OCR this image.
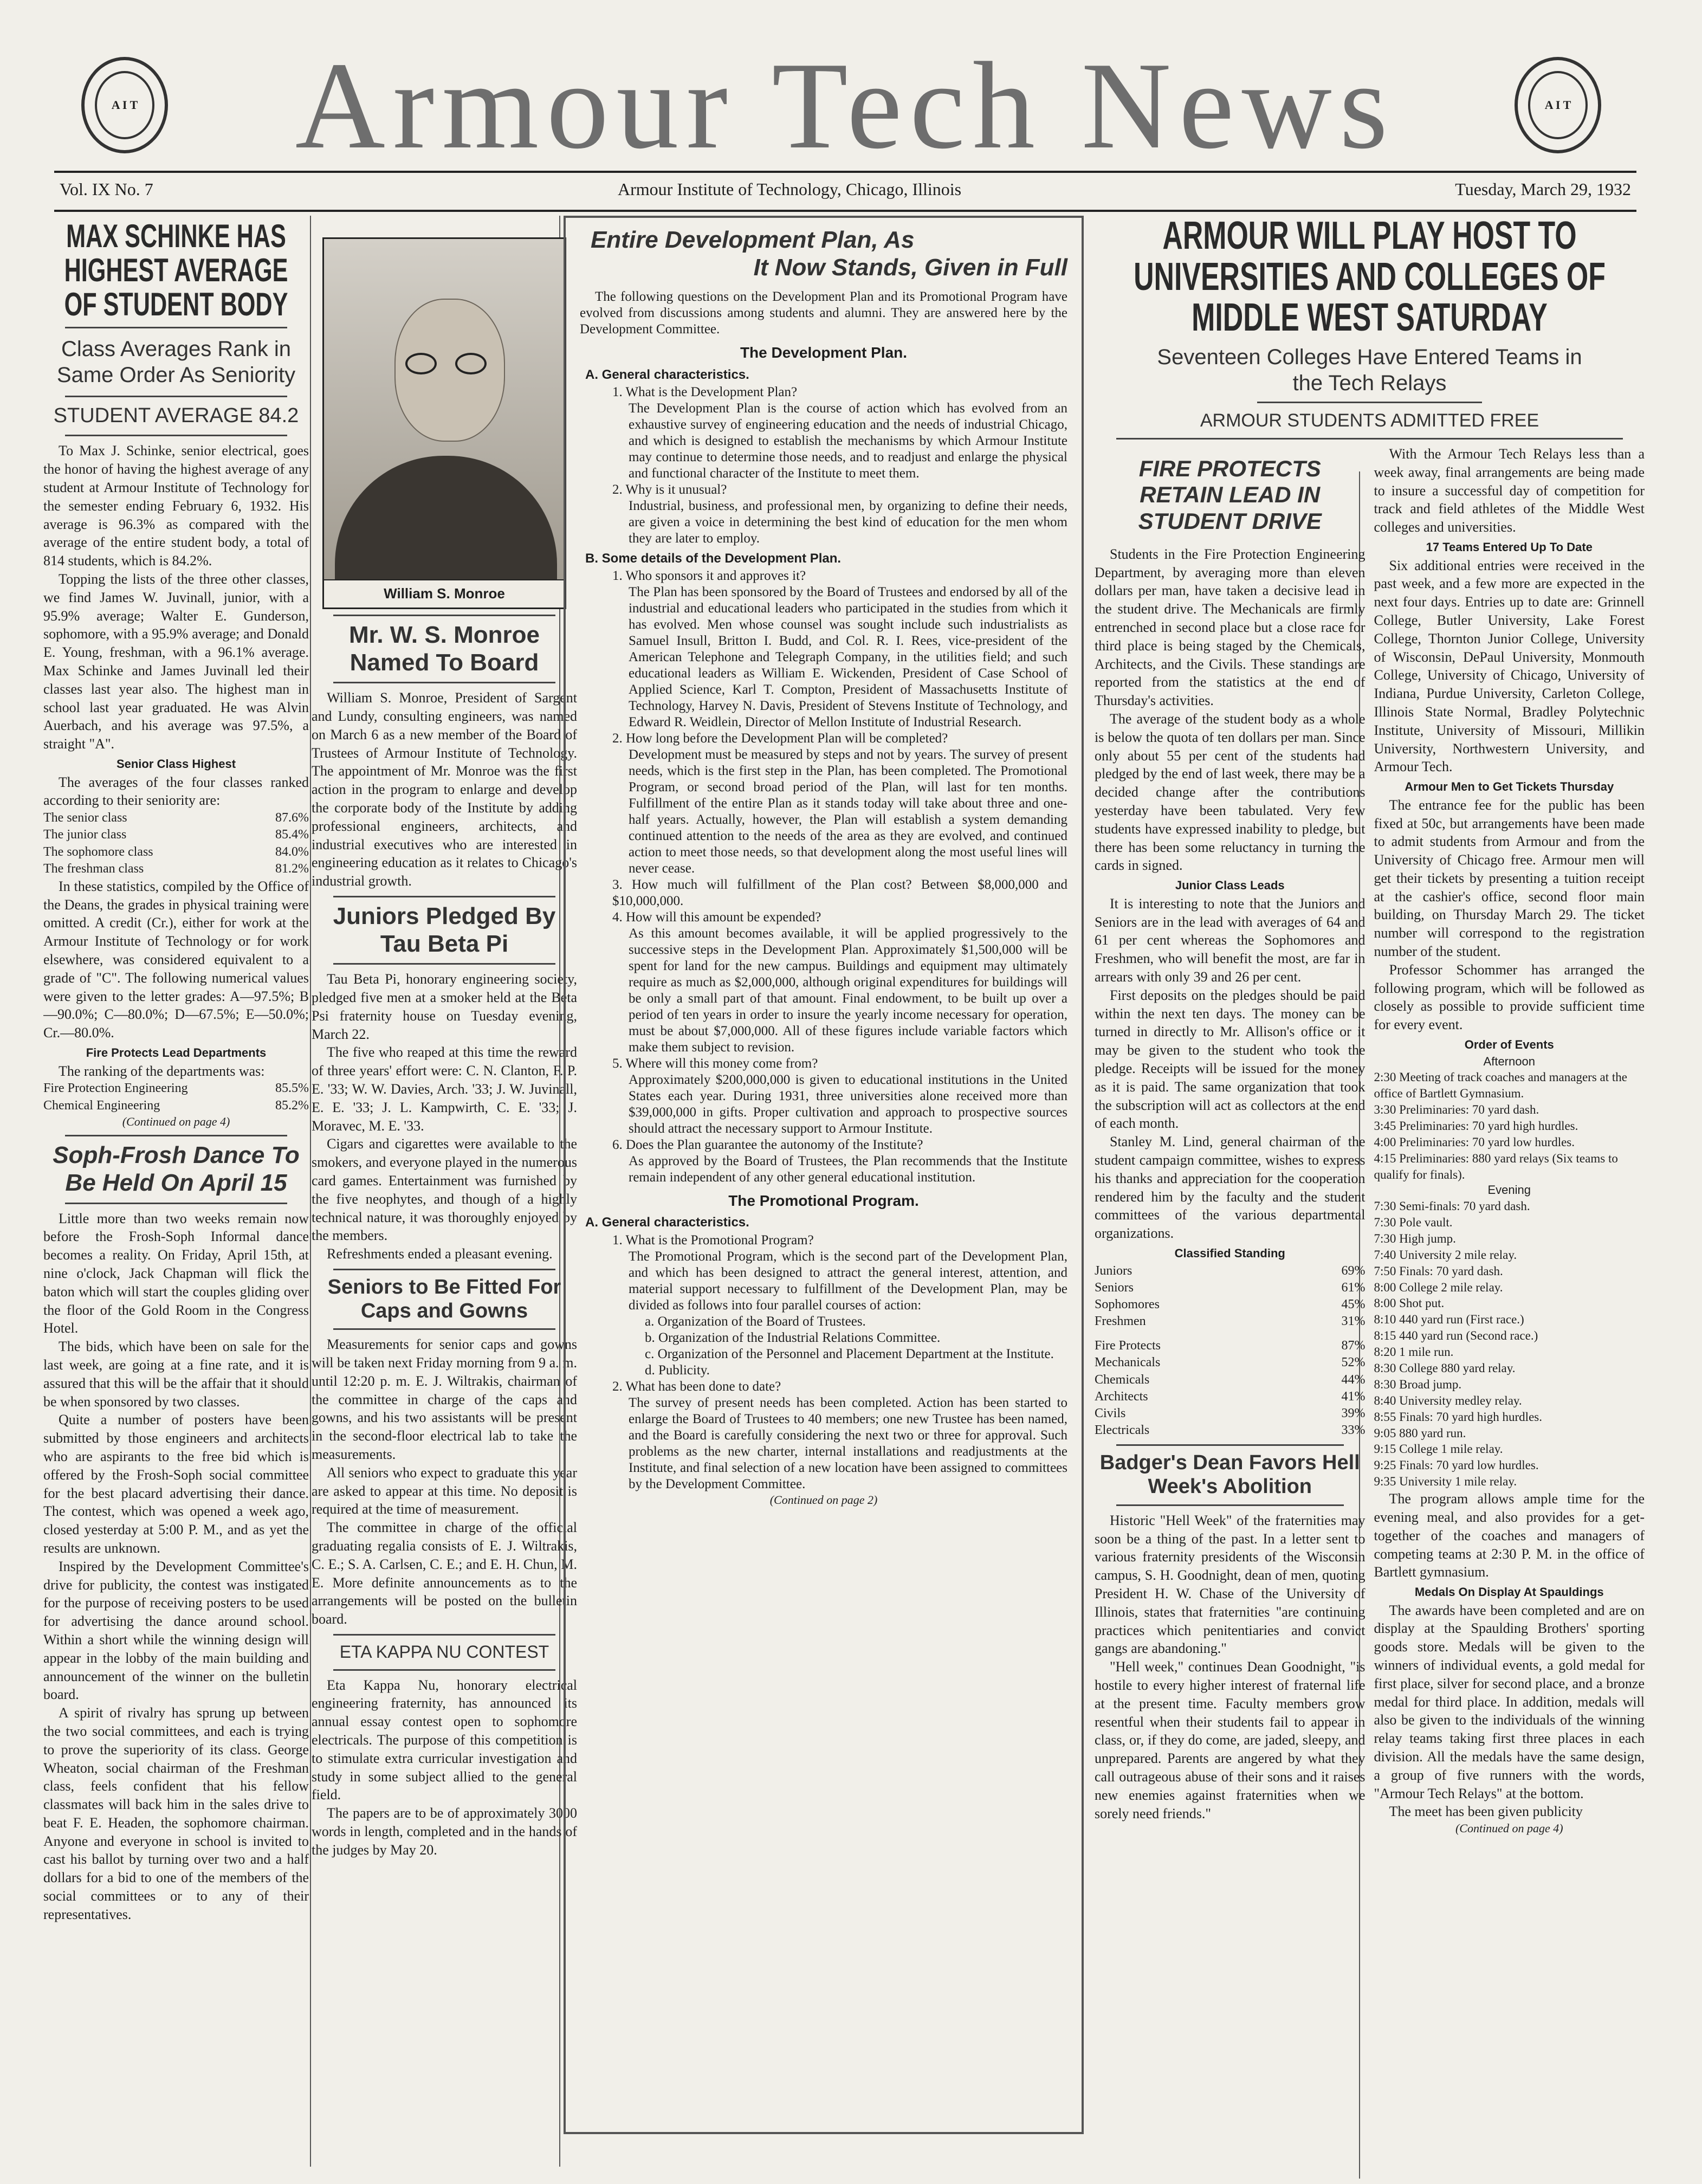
A I T	Armour Tech News	A I T
Vol. IX No. 7	Armour Institute of Technology, Chicago, Illinois	Tuesday, March 29, 1932
MAX SCHINKE HAS HIGHEST AVERAGE OF STUDENT BODY
Class Averages Rank in Same Order As Seniority
STUDENT AVERAGE 84.2

To Max J. Schinke, senior electrical, goes the honor of having the highest average of any student at Armour Institute of Technology for the semester ending February 6, 1932. His average is 96.3% as compared with the average of the entire student body, a total of 814 students, which is 84.2%.

Topping the lists of the three other classes, we find James W. Juvinall, junior, with a 95.9% average; Walter E. Gunderson, sophomore, with a 95.9% average; and Donald E. Young, freshman, with a 96.1% average. Max Schinke and James Juvinall led their classes last year also. The highest man in school last year graduated. He was Alvin Auerbach, and his average was 97.5%, a straight "A".

Senior Class Highest

The averages of the four classes ranked according to their seniority are:

The senior class	87.6%
The junior class	85.4%
The sophomore class	84.0%
The freshman class	81.2%

In these statistics, compiled by the Office of the Deans, the grades in physical training were omitted. A credit (Cr.), either for work at the Armour Institute of Technology or for work elsewhere, was considered equivalent to a grade of "C". The following numerical values were given to the letter grades: A—97.5%; B—90.0%; C—80.0%; D—67.5%; E—50.0%; Cr.—80.0%.

Fire Protects Lead Departments

The ranking of the departments was:

Fire Protection Engineering	85.5%
Chemical Engineering	85.2%
(Continued on page 4)
Soph-Frosh Dance To Be Held On April 15

Little more than two weeks remain now before the Frosh-Soph Informal dance becomes a reality. On Friday, April 15th, at nine o'clock, Jack Chapman will flick the baton which will start the couples gliding over the floor of the Gold Room in the Congress Hotel.

The bids, which have been on sale for the last week, are going at a fine rate, and it is assured that this will be the affair that it should be when sponsored by two classes.

Quite a number of posters have been submitted by those engineers and architects who are aspirants to the free bid which is offered by the Frosh-Soph social committee for the best placard advertising their dance. The contest, which was opened a week ago, closed yesterday at 5:00 P. M., and as yet the results are unknown.

Inspired by the Development Committee's drive for publicity, the contest was instigated for the purpose of receiving posters to be used for advertising the dance around school. Within a short while the winning design will appear in the lobby of the main building and announcement of the winner on the bulletin board.

A spirit of rivalry has sprung up between the two social committees, and each is trying to prove the superiority of its class. George Wheaton, social chairman of the Freshman class, feels confident that his fellow classmates will back him in the sales drive to beat F. E. Headen, the sophomore chairman. Anyone and everyone in school is invited to cast his ballot by turning over two and a half dollars for a bid to one of the members of the social committees or to any of their representatives.

William S. Monroe
Mr. W. S. Monroe Named To Board

William S. Monroe, President of Sargent and Lundy, consulting engineers, was named on March 6 as a new member of the Board of Trustees of Armour Institute of Technology. The appointment of Mr. Monroe was the first action in the program to enlarge and develop the corporate body of the Institute by adding professional engineers, architects, and industrial executives who are interested in engineering education as it relates to Chicago's industrial growth.

Juniors Pledged By Tau Beta Pi

Tau Beta Pi, honorary engineering society, pledged five men at a smoker held at the Beta Psi fraternity house on Tuesday evening, March 22.

The five who reaped at this time the reward of three years' effort were: C. N. Clanton, F. P. E. '33; W. W. Davies, Arch. '33; J. W. Juvinall, E. E. '33; J. L. Kampwirth, C. E. '33; J. Moravec, M. E. '33.

Cigars and cigarettes were available to the smokers, and everyone played in the numerous card games. Entertainment was furnished by the five neophytes, and though of a highly technical nature, it was thoroughly enjoyed by the members.

Refreshments ended a pleasant evening.

Seniors to Be Fitted For Caps and Gowns

Measurements for senior caps and gowns will be taken next Friday morning from 9 a. m. until 12:20 p. m. E. J. Wiltrakis, chairman of the committee in charge of the caps and gowns, and his two assistants will be present in the second-floor electrical lab to take the measurements.

All seniors who expect to graduate this year are asked to appear at this time. No deposit is required at the time of measurement.

The committee in charge of the official graduating regalia consists of E. J. Wiltrakis, C. E.; S. A. Carlsen, C. E.; and E. H. Chun, M. E. More definite announcements as to the arrangements will be posted on the bulletin board.

ETA KAPPA NU CONTEST

Eta Kappa Nu, honorary electrical engineering fraternity, has announced its annual essay contest open to sophomore electricals. The purpose of this competition is to stimulate extra curricular investigation and study in some subject allied to the general field.

The papers are to be of approximately 3000 words in length, completed and in the hands of the judges by May 20.

Entire Development Plan, As
It Now Stands, Given in Full

The following questions on the Development Plan and its Promotional Program have evolved from discussions among students and alumni. They are answered here by the Development Committee.

The Development Plan.
A. General characteristics.

1. What is the Development Plan?

The Development Plan is the course of action which has evolved from an exhaustive survey of engineering education and the needs of industrial Chicago, and which is designed to establish the mechanisms by which Armour Institute may continue to determine those needs, and to readjust and enlarge the physical and functional character of the Institute to meet them.

2. Why is it unusual?

Industrial, business, and professional men, by organizing to define their needs, are given a voice in determining the best kind of education for the men whom they are later to employ.

B. Some details of the Development Plan.

1. Who sponsors it and approves it?

The Plan has been sponsored by the Board of Trustees and endorsed by all of the industrial and educational leaders who participated in the studies from which it has evolved. Men whose counsel was sought include such industrialists as Samuel Insull, Britton I. Budd, and Col. R. I. Rees, vice-president of the American Telephone and Telegraph Company, in the utilities field; and such educational leaders as William E. Wickenden, President of Case School of Applied Science, Karl T. Compton, President of Massachusetts Institute of Technology, Harvey N. Davis, President of Stevens Institute of Technology, and Edward R. Weidlein, Director of Mellon Institute of Industrial Research.

2. How long before the Development Plan will be completed?

Development must be measured by steps and not by years. The survey of present needs, which is the first step in the Plan, has been completed. The Promotional Program, or second broad period of the Plan, will last for ten months. Fulfillment of the entire Plan as it stands today will take about three and one-half years. Actually, however, the Plan will establish a system demanding continued attention to the needs of the area as they are evolved, and continued action to meet those needs, so that development along the most useful lines will never cease.

3. How much will fulfillment of the Plan cost? Between $8,000,000 and $10,000,000.

4. How will this amount be expended?

As this amount becomes available, it will be applied progressively to the successive steps in the Development Plan. Approximately $1,500,000 will be spent for land for the new campus. Buildings and equipment may ultimately require as much as $2,000,000, although original expenditures for buildings will be only a small part of that amount. Final endowment, to be built up over a period of ten years in order to insure the yearly income necessary for operation, must be about $7,000,000. All of these figures include variable factors which make them subject to revision.

5. Where will this money come from?

Approximately $200,000,000 is given to educational institutions in the United States each year. During 1931, three universities alone received more than $39,000,000 in gifts. Proper cultivation and approach to prospective sources should attract the necessary support to Armour Institute.

6. Does the Plan guarantee the autonomy of the Institute?

As approved by the Board of Trustees, the Plan recommends that the Institute remain independent of any other general educational institution.

The Promotional Program.
A. General characteristics.

1. What is the Promotional Program?

The Promotional Program, which is the second part of the Development Plan, and which has been designed to attract the general interest, attention, and material support necessary to fulfillment of the Development Plan, may be divided as follows into four parallel courses of action:

a. Organization of the Board of Trustees.

b. Organization of the Industrial Relations Committee.

c. Organization of the Personnel and Placement Department at the Institute.

d. Publicity.

2. What has been done to date?

The survey of present needs has been completed. Action has been started to enlarge the Board of Trustees to 40 members; one new Trustee has been named, and the Board is carefully considering the next two or three for approval. Such problems as the new charter, internal installations and readjustments at the Institute, and final selection of a new location have been assigned to committees by the Development Committee.

(Continued on page 2)
ARMOUR WILL PLAY HOST TO UNIVERSITIES AND COLLEGES OF MIDDLE WEST SATURDAY
Seventeen Colleges Have Entered Teams in the Tech Relays
ARMOUR STUDENTS ADMITTED FREE
FIRE PROTECTS RETAIN LEAD IN STUDENT DRIVE

Students in the Fire Protection Engineering Department, by averaging more than eleven dollars per man, have taken a decisive lead in the student drive. The Mechanicals are firmly entrenched in second place but a close race for third place is being staged by the Chemicals, Architects, and the Civils. These standings are reported from the statistics at the end of Thursday's activities.

The average of the student body as a whole is below the quota of ten dollars per man. Since only about 55 per cent of the students had pledged by the end of last week, there may be a decided change after the contributions yesterday have been tabulated. Very few students have expressed inability to pledge, but there has been some reluctancy in turning the cards in signed.

Junior Class Leads

It is interesting to note that the Juniors and Seniors are in the lead with averages of 64 and 61 per cent whereas the Sophomores and Freshmen, who will benefit the most, are far in arrears with only 39 and 26 per cent.

First deposits on the pledges should be paid within the next ten days. The money can be turned in directly to Mr. Allison's office or it may be given to the student who took the pledge. Receipts will be issued for the money as it is paid. The same organization that took the subscription will act as collectors at the end of each month.

Stanley M. Lind, general chairman of the student campaign committee, wishes to express his thanks and appreciation for the cooperation rendered him by the faculty and the student committees of the various departmental organizations.

Classified Standing
Juniors	69%
Seniors	61%
Sophomores	45%
Freshmen	31%
Fire Protects	87%
Mechanicals	52%
Chemicals	44%
Architects	41%
Civils	39%
Electricals	33%
Badger's Dean Favors Hell Week's Abolition

Historic "Hell Week" of the fraternities may soon be a thing of the past. In a letter sent to various fraternity presidents of the Wisconsin campus, S. H. Goodnight, dean of men, quoting President H. W. Chase of the University of Illinois, states that fraternities "are continuing practices which penitentiaries and convict gangs are abandoning."

"Hell week," continues Dean Goodnight, "is hostile to every higher interest of fraternal life at the present time. Faculty members grow resentful when their students fail to appear in class, or, if they do come, are jaded, sleepy, and unprepared. Parents are angered by what they call outrageous abuse of their sons and it raises new enemies against fraternities when we sorely need friends."

With the Armour Tech Relays less than a week away, final arrangements are being made to insure a successful day of competition for track and field athletes of the Middle West colleges and universities.

17 Teams Entered Up To Date

Six additional entries were received in the past week, and a few more are expected in the next four days. Entries up to date are: Grinnell College, Butler University, Lake Forest College, Thornton Junior College, University of Wisconsin, DePaul University, Monmouth College, University of Chicago, University of Indiana, Purdue University, Carleton College, Illinois State Normal, Bradley Polytechnic Institute, University of Missouri, Millikin University, Northwestern University, and Armour Tech.

Armour Men to Get Tickets Thursday

The entrance fee for the public has been fixed at 50c, but arrangements have been made to admit students from Armour and from the University of Chicago free. Armour men will get their tickets by presenting a tuition receipt at the cashier's office, second floor main building, on Thursday March 29. The ticket number will correspond to the registration number of the student.

Professor Schommer has arranged the following program, which will be followed as closely as possible to provide sufficient time for every event.

Order of Events
Afternoon
2:30 Meeting of track coaches and managers at the office of Bartlett Gymnasium.
3:30 Preliminaries: 70 yard dash.
3:45 Preliminaries: 70 yard high hurdles.
4:00 Preliminaries: 70 yard low hurdles.
4:15 Preliminaries: 880 yard relays (Six teams to qualify for finals).
Evening
7:30 Semi-finals: 70 yard dash.
7:30 Pole vault.
7:30 High jump.
7:40 University 2 mile relay.
7:50 Finals: 70 yard dash.
8:00 College 2 mile relay.
8:00 Shot put.
8:10 440 yard run (First race.)
8:15 440 yard run (Second race.)
8:20 1 mile run.
8:30 College 880 yard relay.
8:30 Broad jump.
8:40 University medley relay.
8:55 Finals: 70 yard high hurdles.
9:05 880 yard run.
9:15 College 1 mile relay.
9:25 Finals: 70 yard low hurdles.
9:35 University 1 mile relay.

The program allows ample time for the evening meal, and also provides for a get-together of the coaches and managers of competing teams at 2:30 P. M. in the office of Bartlett gymnasium.

Medals On Display At Spauldings

The awards have been completed and are on display at the Spaulding Brothers' sporting goods store. Medals will be given to the winners of individual events, a gold medal for first place, silver for second place, and a bronze medal for third place. In addition, medals will also be given to the individuals of the winning relay teams taking first three places in each division. All the medals have the same design, a group of five runners with the words, "Armour Tech Relays" at the bottom.

The meet has been given publicity

(Continued on page 4)
